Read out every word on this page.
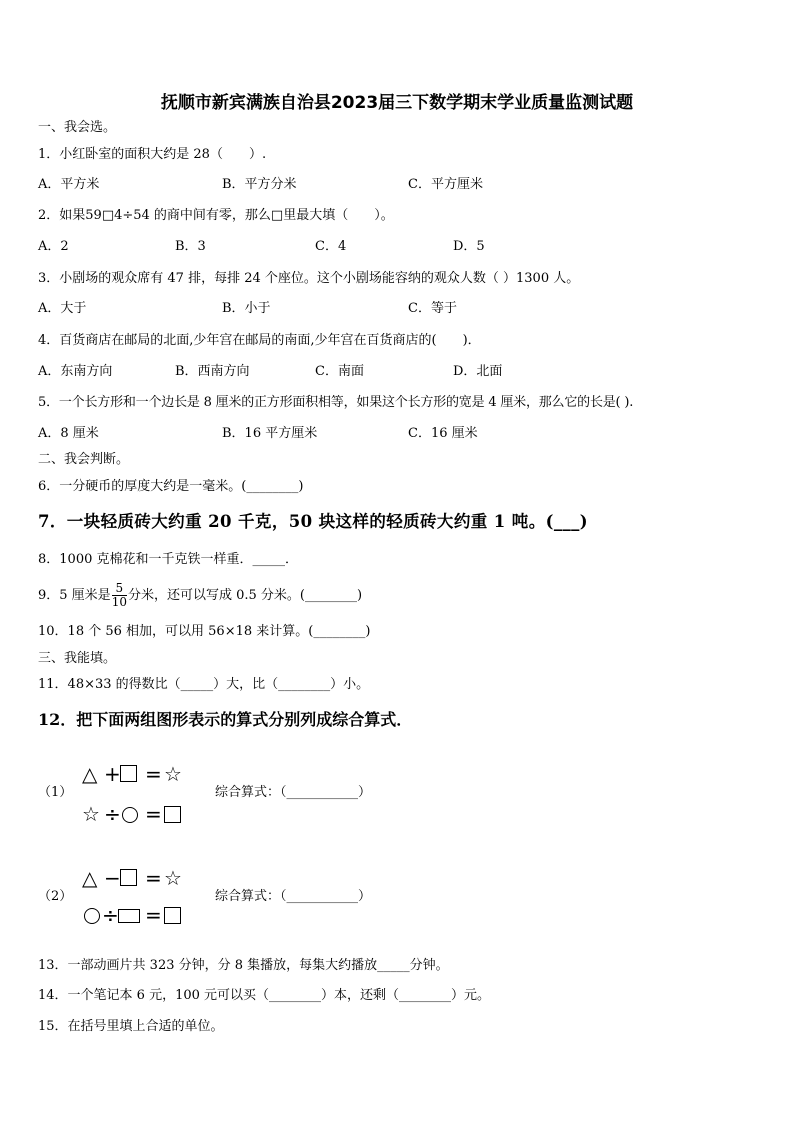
抚顺市新宾满族自治县2023届三下数学期末学业质量监测试题
一、我会选。
1．小红卧室的面积大约是 28（　　）.
A．平方米	B．平方分米	C．平方厘米
2．如果59□4÷54 的商中间有零，那么□里最大填（　　）。
A．2	B．3	C．4	D．5
3．小剧场的观众席有 47 排，每排 24 个座位。这个小剧场能容纳的观众人数（ ）1300 人。
A．大于	B．小于	C．等于
4．百货商店在邮局的北面,少年宫在邮局的南面,少年宫在百货商店的(　　)．
A．东南方向	B．西南方向	C．南面	D．北面
5．一个长方形和一个边长是 8 厘米的正方形面积相等，如果这个长方形的宽是 4 厘米，那么它的长是( ).
A．8 厘米	B．16 平方厘米	C．16 厘米
二、我会判断。
6．一分硬币的厚度大约是一毫米。(________)
7．一块轻质砖大约重 20 千克，50 块这样的轻质砖大约重 1 吨。(___)
8．1000 克棉花和一千克铁一样重．_____．
9．5 厘米是 $\frac{5}{10}$ 分米，还可以写成 0.5 分米。(________)
10．18 个 56 相加，可以用 56×18 来计算。(________)
三、我能填。
11．48×33 的得数比（_____）大，比（________）小。
12．把下面两组图形表示的算式分别列成综合算式．
（1）
△ + = ☆
☆ ÷ =
综合算式：（___________）
（2）
△ − = ☆
÷ =
综合算式：（___________）
13．一部动画片共 323 分钟，分 8 集播放，每集大约播放_____分钟。
14．一个笔记本 6 元，100 元可以买（________）本，还剩（________）元。
15．在括号里填上合适的单位。
